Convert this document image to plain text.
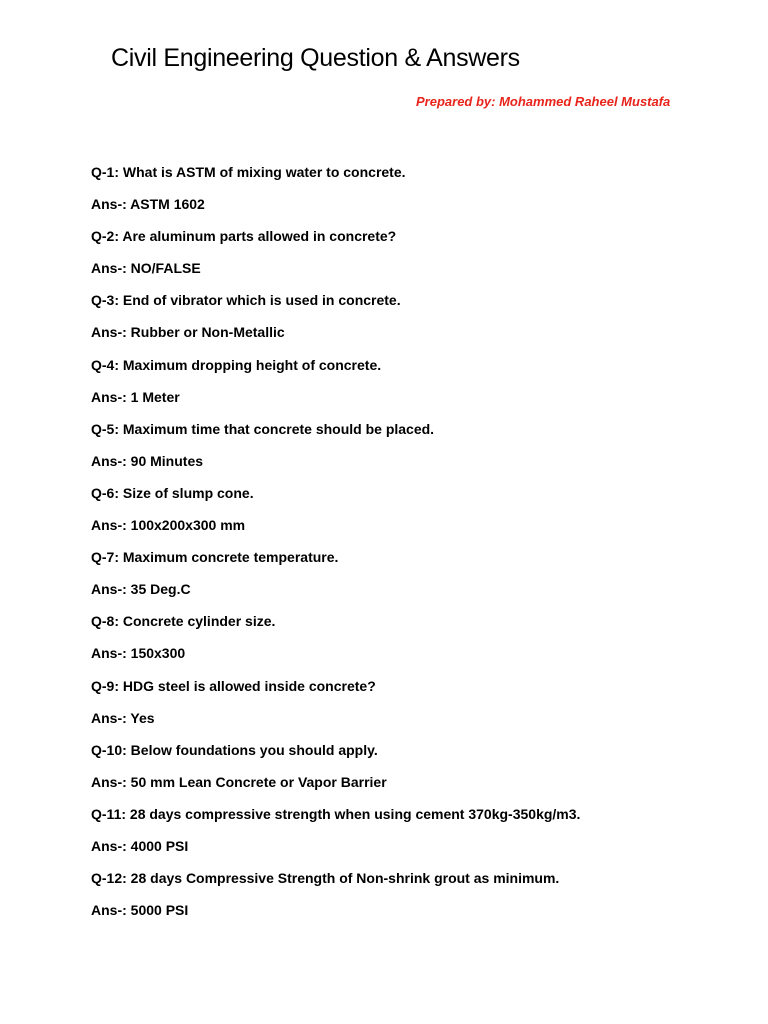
Civil Engineering Question & Answers
Prepared by: Mohammed Raheel Mustafa
Q-1: What is ASTM of mixing water to concrete.
Ans-: ASTM 1602
Q-2: Are aluminum parts allowed in concrete?
Ans-: NO/FALSE
Q-3: End of vibrator which is used in concrete.
Ans-: Rubber or Non-Metallic
Q-4: Maximum dropping height of concrete.
Ans-: 1 Meter
Q-5: Maximum time that concrete should be placed.
Ans-: 90 Minutes
Q-6: Size of slump cone.
Ans-: 100x200x300 mm
Q-7: Maximum concrete temperature.
Ans-: 35 Deg.C
Q-8: Concrete cylinder size.
Ans-: 150x300
Q-9: HDG steel is allowed inside concrete?
Ans-: Yes
Q-10: Below foundations you should apply.
Ans-: 50 mm Lean Concrete or Vapor Barrier
Q-11: 28 days compressive strength when using cement 370kg-350kg/m3.
Ans-: 4000 PSI
Q-12: 28 days Compressive Strength of Non-shrink grout as minimum.
Ans-: 5000 PSI
